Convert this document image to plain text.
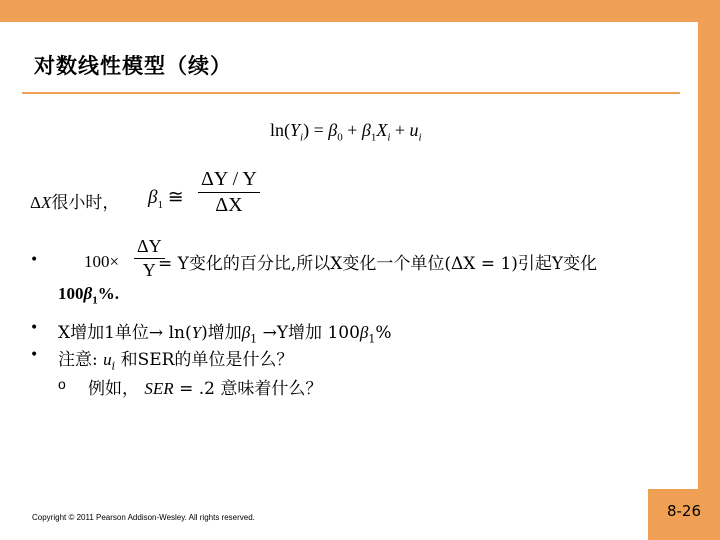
对数线性模型（续）
$\ln(Y_i) = \beta_0 + \beta_1X_i + u_i$
ΔX很小时， $\beta_1$ ≅
ΔY / Y
ΔX
•	100×
ΔY
Y = Y变化的百分比,所以X变化一个单位(ΔX = 1)引起Y变化
$100\beta_1\%$.
• X增加1单位→ ln(Y)增加$\beta_1 \to Y$增加 $100\beta_1\%$
• 注意: $u_i$ 和SER的单位是什么？
o 例如， SER = .2 意味着什么？
Copyright © 2011 Pearson Addison-Wesley. All rights reserved.	8-26
